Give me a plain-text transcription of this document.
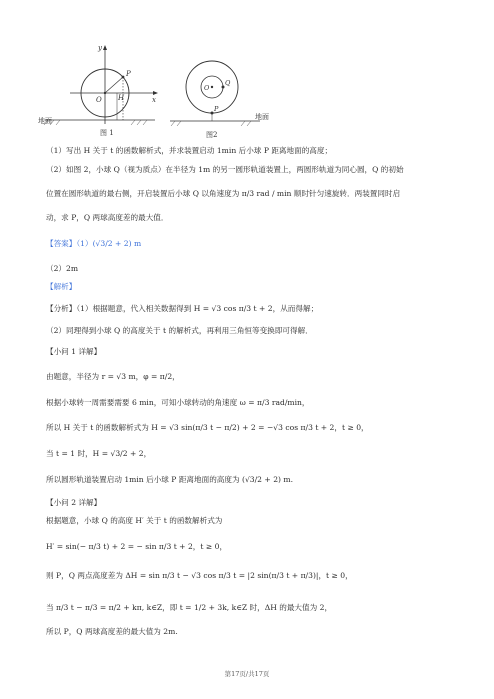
y
x
O
P
H
地面
图 1
O
Q
P
地面
图2
（1）写出 H 关于 t 的函数解析式，并求装置启动 1min 后小球 P 距离地面的高度；
（2）如图 2，小球 Q（视为质点）在半径为 1m 的另一圆形轨道装置上，两圆形轨道为同心圆，Q 的初始
位置在圆形轨道的最右侧，开启装置后小球 Q 以角速度为 π/3 rad / min 顺时针匀速旋转．两装置同时启
动，求 P，Q 两球高度差的最大值．
【答案】（1）(√3/2 + 2) m
（2）2m
【解析】
【分析】（1）根据题意，代入相关数据得到 H = √3 cos π/3 t + 2，从而得解；
（2）同理得到小球 Q 的高度关于 t 的解析式，再利用三角恒等变换即可得解．
【小问 1 详解】
由题意，半径为 r = √3 m，φ = π/2，
根据小球转一周需要需要 6 min，可知小球转动的角速度 ω = π/3 rad/min，
所以 H 关于 t 的函数解析式为 H = √3 sin(π/3 t − π/2) + 2 = −√3 cos π/3 t + 2，t ≥ 0，
当 t = 1 时，H = √3/2 + 2，
所以圆形轨道装置启动 1min 后小球 P 距离地面的高度为 (√3/2 + 2) m.
【小问 2 详解】
根据题意，小球 Q 的高度 H′ 关于 t 的函数解析式为
H′ = sin(− π/3 t) + 2 = − sin π/3 t + 2，t ≥ 0，
则 P，Q 两点高度差为 ΔH = sin π/3 t − √3 cos π/3 t = |2 sin(π/3 t + π/3)|，t ≥ 0，
当 π/3 t − π/3 = π/2 + kπ, k∈Z，即 t = 1/2 + 3k, k∈Z 时，ΔH 的最大值为 2，
所以 P，Q 两球高度差的最大值为 2m.
第17页/共17页
